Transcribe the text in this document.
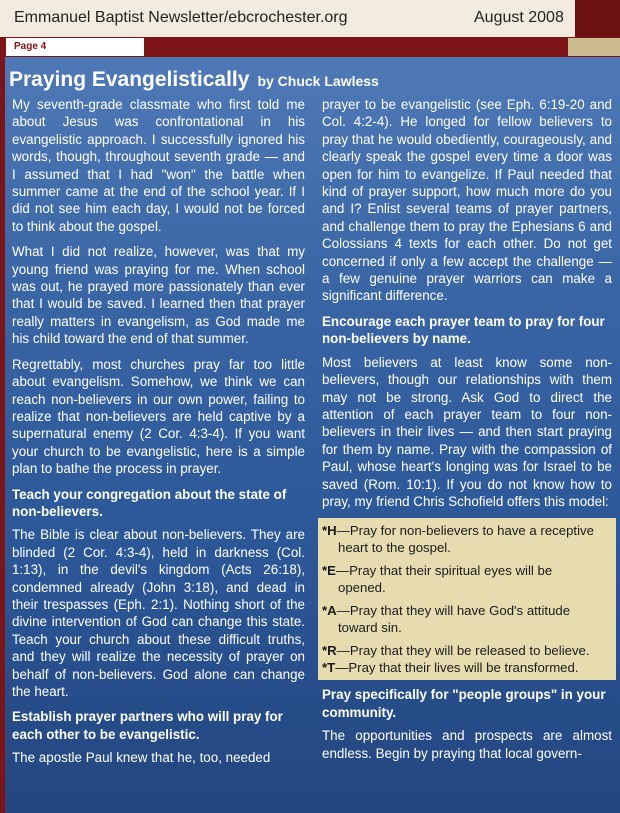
Emmanuel Baptist Newsletter/ebcrochester.org	August 2008
Page 4
Praying Evangelistically by Chuck Lawless

My seventh-grade classmate who first told me about Jesus was confrontational in his evangelistic approach. I successfully ignored his words, though, throughout seventh grade — and I assumed that I had "won" the battle when summer came at the end of the school year. If I did not see him each day, I would not be forced to think about the gospel.

What I did not realize, however, was that my young friend was praying for me. When school was out, he prayed more passionately than ever that I would be saved. I learned then that prayer really matters in evangelism, as God made me his child toward the end of that summer.

Regrettably, most churches pray far too little about evangelism. Somehow, we think we can reach non-believers in our own power, failing to realize that non-believers are held captive by a supernatural enemy (2 Cor. 4:3-4). If you want your church to be evangelistic, here is a simple plan to bathe the process in prayer.

Teach your congregation about the state of non-believers.

The Bible is clear about non-believers. They are blinded (2 Cor. 4:3-4), held in darkness (Col. 1:13), in the devil's kingdom (Acts 26:18), condemned already (John 3:18), and dead in their trespasses (Eph. 2:1). Nothing short of the divine intervention of God can change this state. Teach your church about these difficult truths, and they will realize the necessity of prayer on behalf of non-believers. God alone can change the heart.

Establish prayer partners who will pray for each other to be evangelistic.

The apostle Paul knew that he, too, needed

prayer to be evangelistic (see Eph. 6:19-20 and Col. 4:2-4). He longed for fellow believers to pray that he would obediently, courageously, and clearly speak the gospel every time a door was open for him to evangelize. If Paul needed that kind of prayer support, how much more do you and I? Enlist several teams of prayer partners, and challenge them to pray the Ephesians 6 and Colossians 4 texts for each other. Do not get concerned if only a few accept the challenge — a few genuine prayer warriors can make a significant difference.

Encourage each prayer team to pray for four non-believers by name.

Most believers at least know some non-believers, though our relationships with them may not be strong. Ask God to direct the attention of each prayer team to four non-believers in their lives — and then start praying for them by name. Pray with the compassion of Paul, whose heart's longing was for Israel to be saved (Rom. 10:1). If you do not know how to pray, my friend Chris Schofield offers this model:

*H—Pray for non-believers to have a receptive
heart to the gospel.

*E—Pray that their spiritual eyes will be
opened.

*A—Pray that they will have God's attitude
toward sin.

*R—Pray that they will be released to believe.

*T—Pray that their lives will be transformed.

Pray specifically for "people groups" in your community.

The opportunities and prospects are almost endless. Begin by praying that local govern-
